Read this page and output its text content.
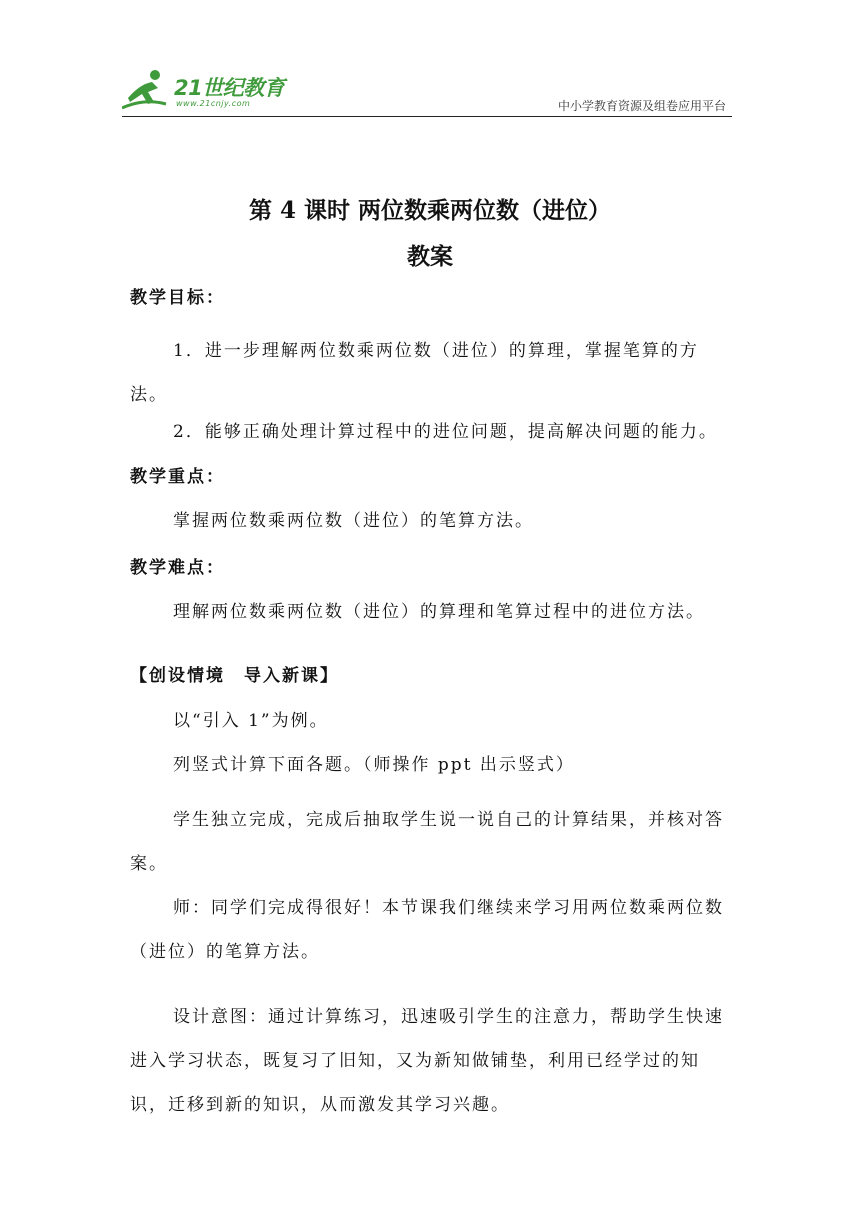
21世纪教育
www.21cnjy.com	中小学教育资源及组卷应用平台
第 4 课时 两位数乘两位数（进位）
教案
教学目标：
1．进一步理解两位数乘两位数（进位）的算理，掌握笔算的方法。
2．能够正确处理计算过程中的进位问题，提高解决问题的能力。
教学重点：
掌握两位数乘两位数（进位）的笔算方法。
教学难点：
理解两位数乘两位数（进位）的算理和笔算过程中的进位方法。
【创设情境　导入新课】
以“引入 1”为例。
列竖式计算下面各题。（师操作 ppt 出示竖式）
学生独立完成，完成后抽取学生说一说自己的计算结果，并核对答案。
师：同学们完成得很好！本节课我们继续来学习用两位数乘两位数（进位）的笔算方法。
设计意图：通过计算练习，迅速吸引学生的注意力，帮助学生快速进入学习状态，既复习了旧知，又为新知做铺垫，利用已经学过的知识，迁移到新的知识，从而激发其学习兴趣。
